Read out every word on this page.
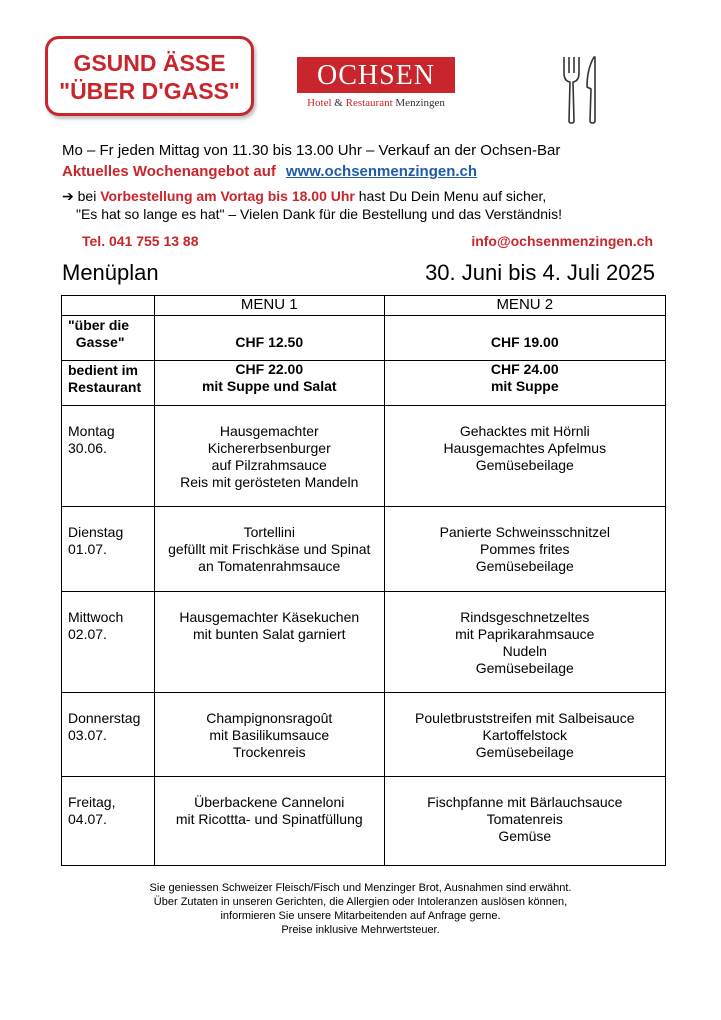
GSUND ÄSSE
"ÜBER D'GASS"	OCHSEN
Hotel & Restaurant Menzingen
Mo – Fr jeden Mittag von 11.30 bis 13.00 Uhr – Verkauf an der Ochsen-Bar
Aktuelles Wochenangebot auf www.ochsenmenzingen.ch
➔ bei Vorbestellung am Vortag bis 18.00 Uhr hast Du Dein Menu auf sicher,
"Es hat so lange es hat" – Vielen Dank für die Bestellung und das Verständnis!
Tel. 041 755 13 88	info@ochsenmenzingen.ch
Menüplan	30. Juni bis 4. Juli 2025
	MENU 1	MENU 2

"über die
Gasse"	CHF 12.50	CHF 19.00

bedient im
Restaurant	CHF 22.00
mit Suppe und Salat	CHF 24.00
mit Suppe

Montag
30.06.	Hausgemachter
Kichererbsenburger
auf Pilzrahmsauce
Reis mit gerösteten Mandeln	Gehacktes mit Hörnli
Hausgemachtes Apfelmus
Gemüsebeilage

Dienstag
01.07.	Tortellini
gefüllt mit Frischkäse und Spinat
an Tomatenrahmsauce	Panierte Schweinsschnitzel
Pommes frites
Gemüsebeilage

Mittwoch
02.07.	Hausgemachter Käsekuchen
mit bunten Salat garniert	Rindsgeschnetzeltes
mit Paprikarahmsauce
Nudeln
Gemüsebeilage

Donnerstag
03.07.	Champignonsragoût
mit Basilikumsauce
Trockenreis	Pouletbruststreifen mit Salbeisauce
Kartoffelstock
Gemüsebeilage

Freitag,
04.07.	Überbackene Canneloni
mit Ricottta- und Spinatfüllung	Fischpfanne mit Bärlauchsauce
Tomatenreis
Gemüse
Sie geniessen Schweizer Fleisch/Fisch und Menzinger Brot, Ausnahmen sind erwähnt.
Über Zutaten in unseren Gerichten, die Allergien oder Intoleranzen auslösen können,
informieren Sie unsere Mitarbeitenden auf Anfrage gerne.
Preise inklusive Mehrwertsteuer.
